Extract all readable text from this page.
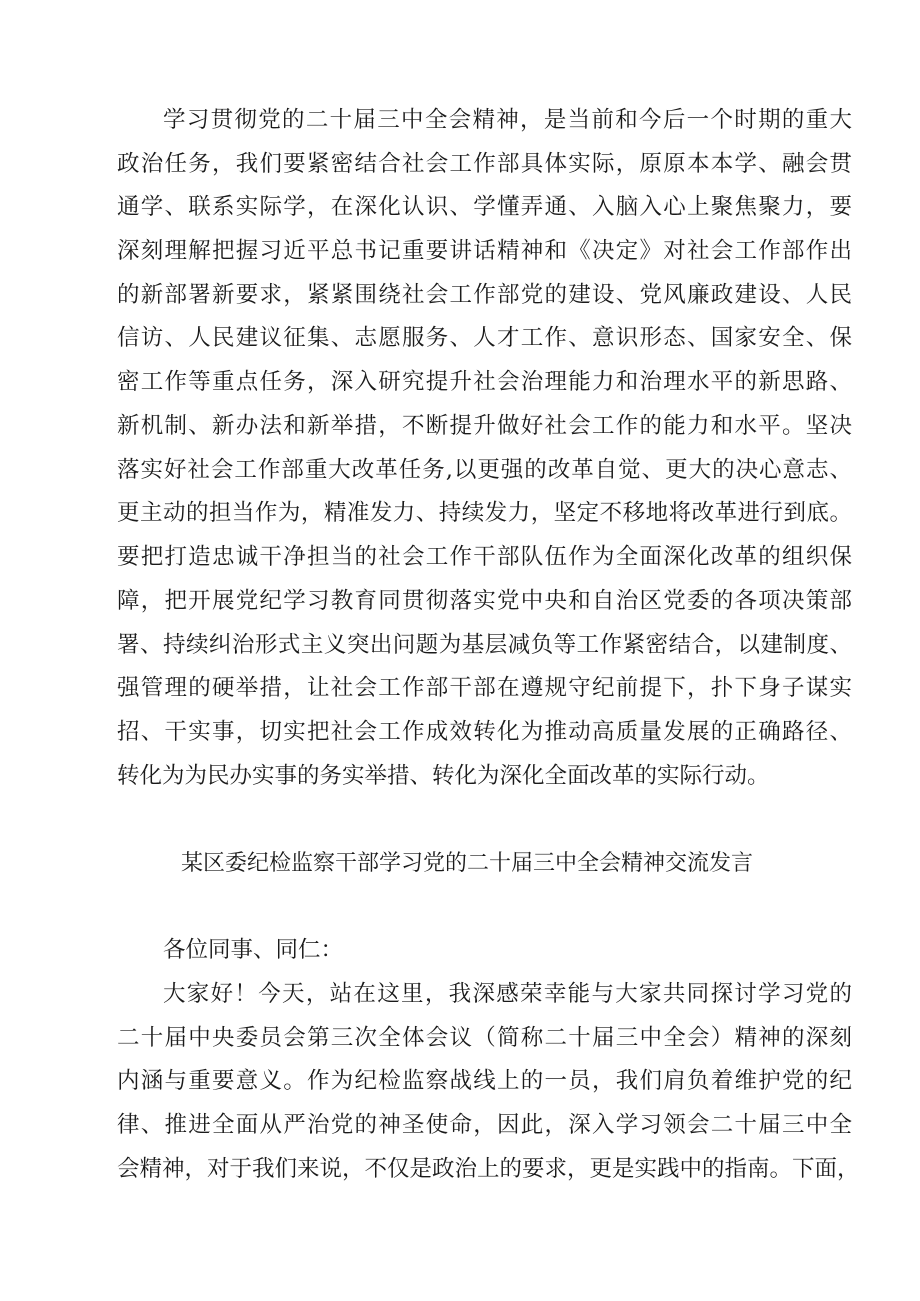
学习贯彻党的二十届三中全会精神，是当前和今后一个时期的重大
政治任务，我们要紧密结合社会工作部具体实际，原原本本学、融会贯
通学、联系实际学，在深化认识、学懂弄通、入脑入心上聚焦聚力，要
深刻理解把握习近平总书记重要讲话精神和《决定》对社会工作部作出
的新部署新要求，紧紧围绕社会工作部党的建设、党风廉政建设、人民
信访、人民建议征集、志愿服务、人才工作、意识形态、国家安全、保
密工作等重点任务，深入研究提升社会治理能力和治理水平的新思路、
新机制、新办法和新举措，不断提升做好社会工作的能力和水平。坚决
落实好社会工作部重大改革任务,以更强的改革自觉、更大的决心意志、
更主动的担当作为，精准发力、持续发力，坚定不移地将改革进行到底。
要把打造忠诚干净担当的社会工作干部队伍作为全面深化改革的组织保
障，把开展党纪学习教育同贯彻落实党中央和自治区党委的各项决策部
署、持续纠治形式主义突出问题为基层减负等工作紧密结合，以建制度、
强管理的硬举措，让社会工作部干部在遵规守纪前提下，扑下身子谋实
招、干实事，切实把社会工作成效转化为推动高质量发展的正确路径、
转化为为民办实事的务实举措、转化为深化全面改革的实际行动。
某区委纪检监察干部学习党的二十届三中全会精神交流发言
各位同事、同仁：
大家好！今天，站在这里，我深感荣幸能与大家共同探讨学习党的
二十届中央委员会第三次全体会议（简称二十届三中全会）精神的深刻
内涵与重要意义。作为纪检监察战线上的一员，我们肩负着维护党的纪
律、推进全面从严治党的神圣使命，因此，深入学习领会二十届三中全
会精神，对于我们来说，不仅是政治上的要求，更是实践中的指南。下面，
